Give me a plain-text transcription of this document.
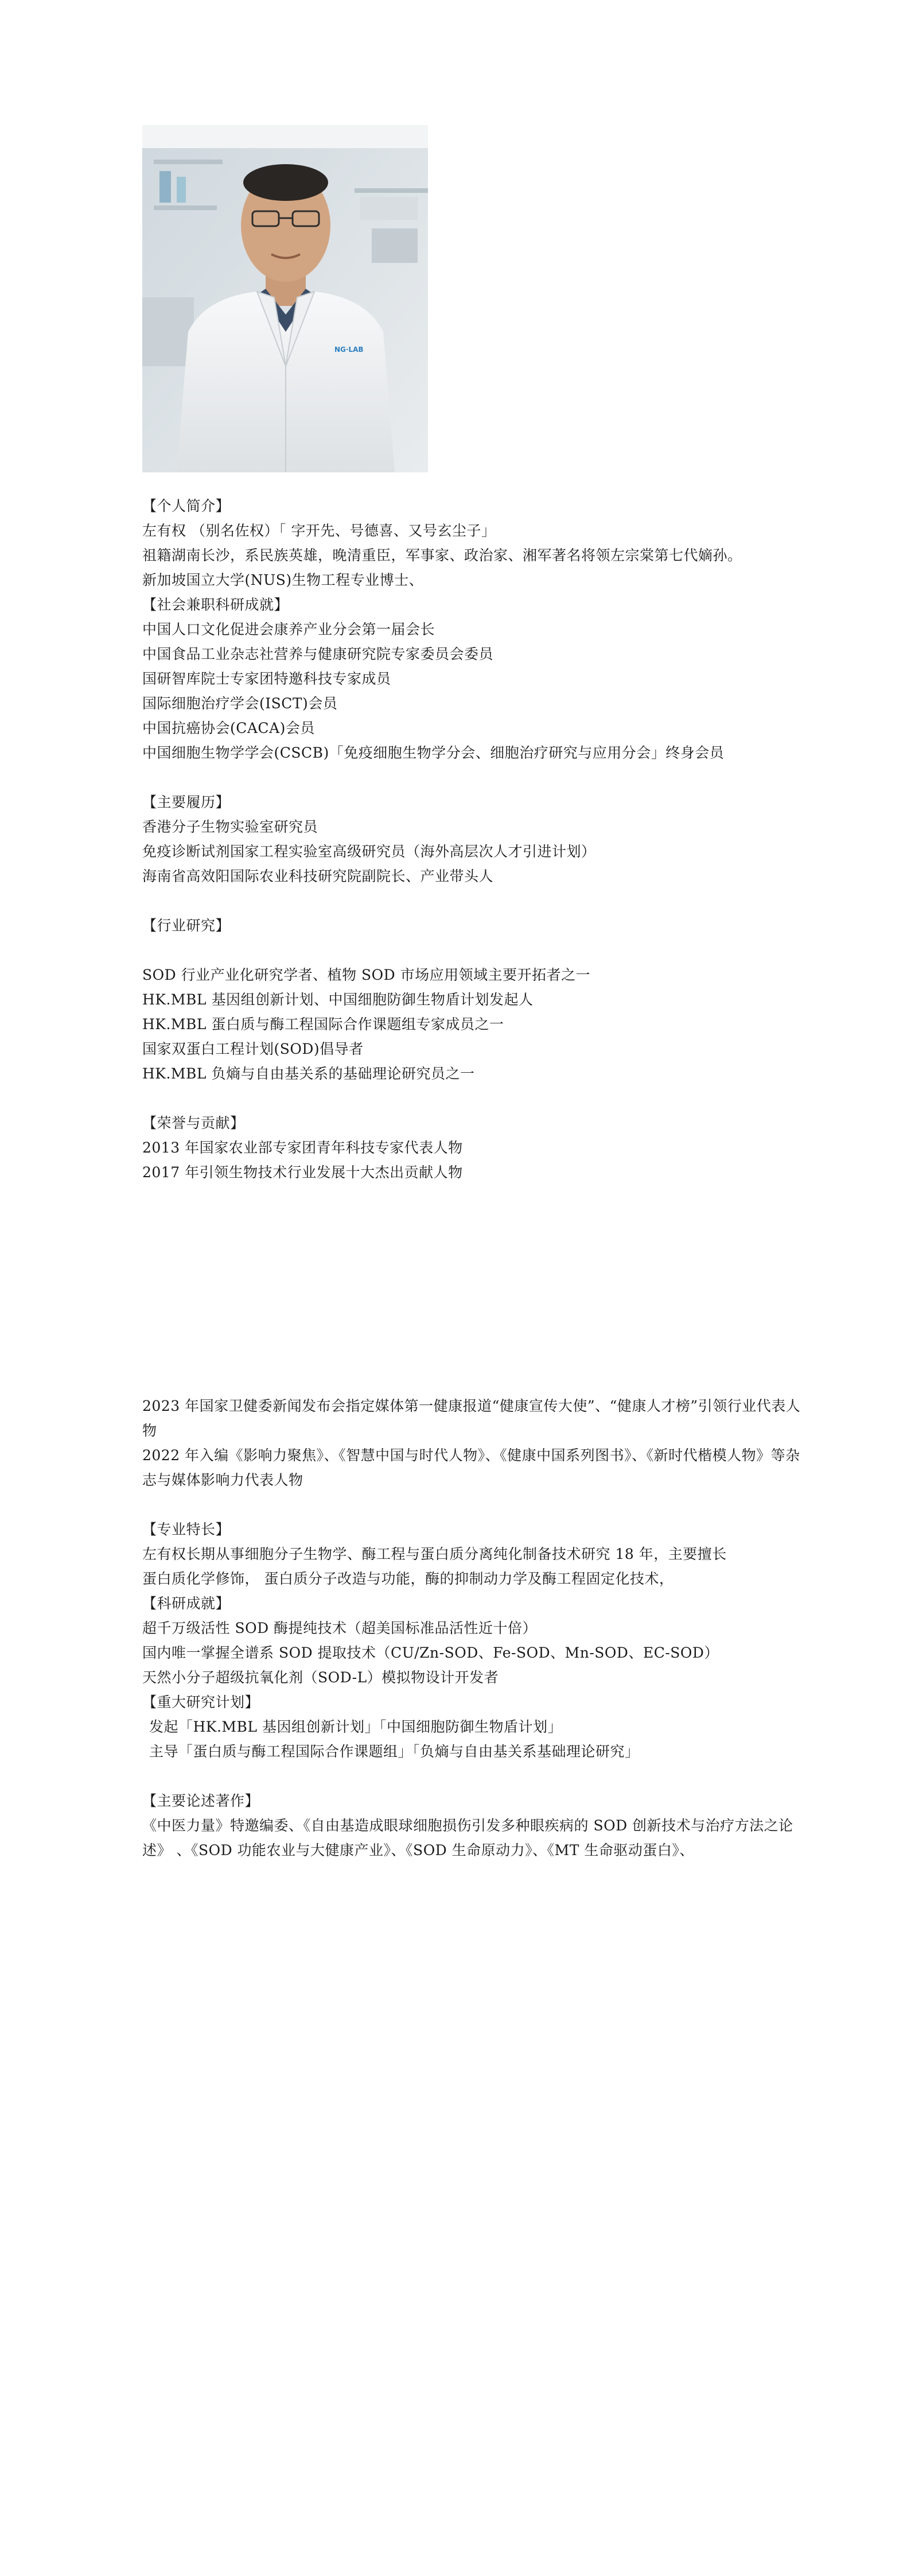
NG·LAB
【个人简介】
左有权 （别名佐权）「 字开先、号德喜、又号玄尘子」
祖籍湖南长沙，系民族英雄，晚清重臣，军事家、政治家、湘军著名将领左宗棠第七代嫡孙。
新加坡国立大学(NUS)生物工程专业博士、
【社会兼职科研成就】
中国人口文化促进会康养产业分会第一届会长
中国食品工业杂志社营养与健康研究院专家委员会委员
国研智库院士专家团特邀科技专家成员
国际细胞治疗学会(ISCT)会员
中国抗癌协会(CACA)会员
中国细胞生物学学会(CSCB)「免疫细胞生物学分会、细胞治疗研究与应用分会」终身会员
【主要履历】
香港分子生物实验室研究员
免疫诊断试剂国家工程实验室高级研究员（海外高层次人才引进计划）
海南省高效阳国际农业科技研究院副院长、产业带头人
【行业研究】
SOD 行业产业化研究学者、植物 SOD 市场应用领域主要开拓者之一
HK.MBL 基因组创新计划、中国细胞防御生物盾计划发起人
HK.MBL 蛋白质与酶工程国际合作课题组专家成员之一
国家双蛋白工程计划(SOD)倡导者
HK.MBL 负熵与自由基关系的基础理论研究员之一
【荣誉与贡献】
2013 年国家农业部专家团青年科技专家代表人物
2017 年引领生物技术行业发展十大杰出贡献人物
2023 年国家卫健委新闻发布会指定媒体第一健康报道“健康宣传大使”、“健康人才榜”引领行业代表人物
2022 年入编《影响力聚焦》、《智慧中国与时代人物》、《健康中国系列图书》、《新时代楷模人物》等杂志与媒体影响力代表人物
【专业特长】
左有权长期从事细胞分子生物学、酶工程与蛋白质分离纯化制备技术研究 18 年，主要擅长
蛋白质化学修饰， 蛋白质分子改造与功能，酶的抑制动力学及酶工程固定化技术，
【科研成就】
超千万级活性 SOD 酶提纯技术（超美国标准品活性近十倍）
国内唯一掌握全谱系 SOD 提取技术（CU/Zn-SOD、Fe-SOD、Mn-SOD、EC-SOD）
天然小分子超级抗氧化剂（SOD-L）模拟物设计开发者
【重大研究计划】
发起「HK.MBL 基因组创新计划」「中国细胞防御生物盾计划」
主导「蛋白质与酶工程国际合作课题组」「负熵与自由基关系基础理论研究」
【主要论述著作】
《中医力量》特邀编委、《自由基造成眼球细胞损伤引发多种眼疾病的 SOD 创新技术与治疗方法之论述》 、《SOD 功能农业与大健康产业》、《SOD 生命原动力》、《MT 生命驱动蛋白》、
